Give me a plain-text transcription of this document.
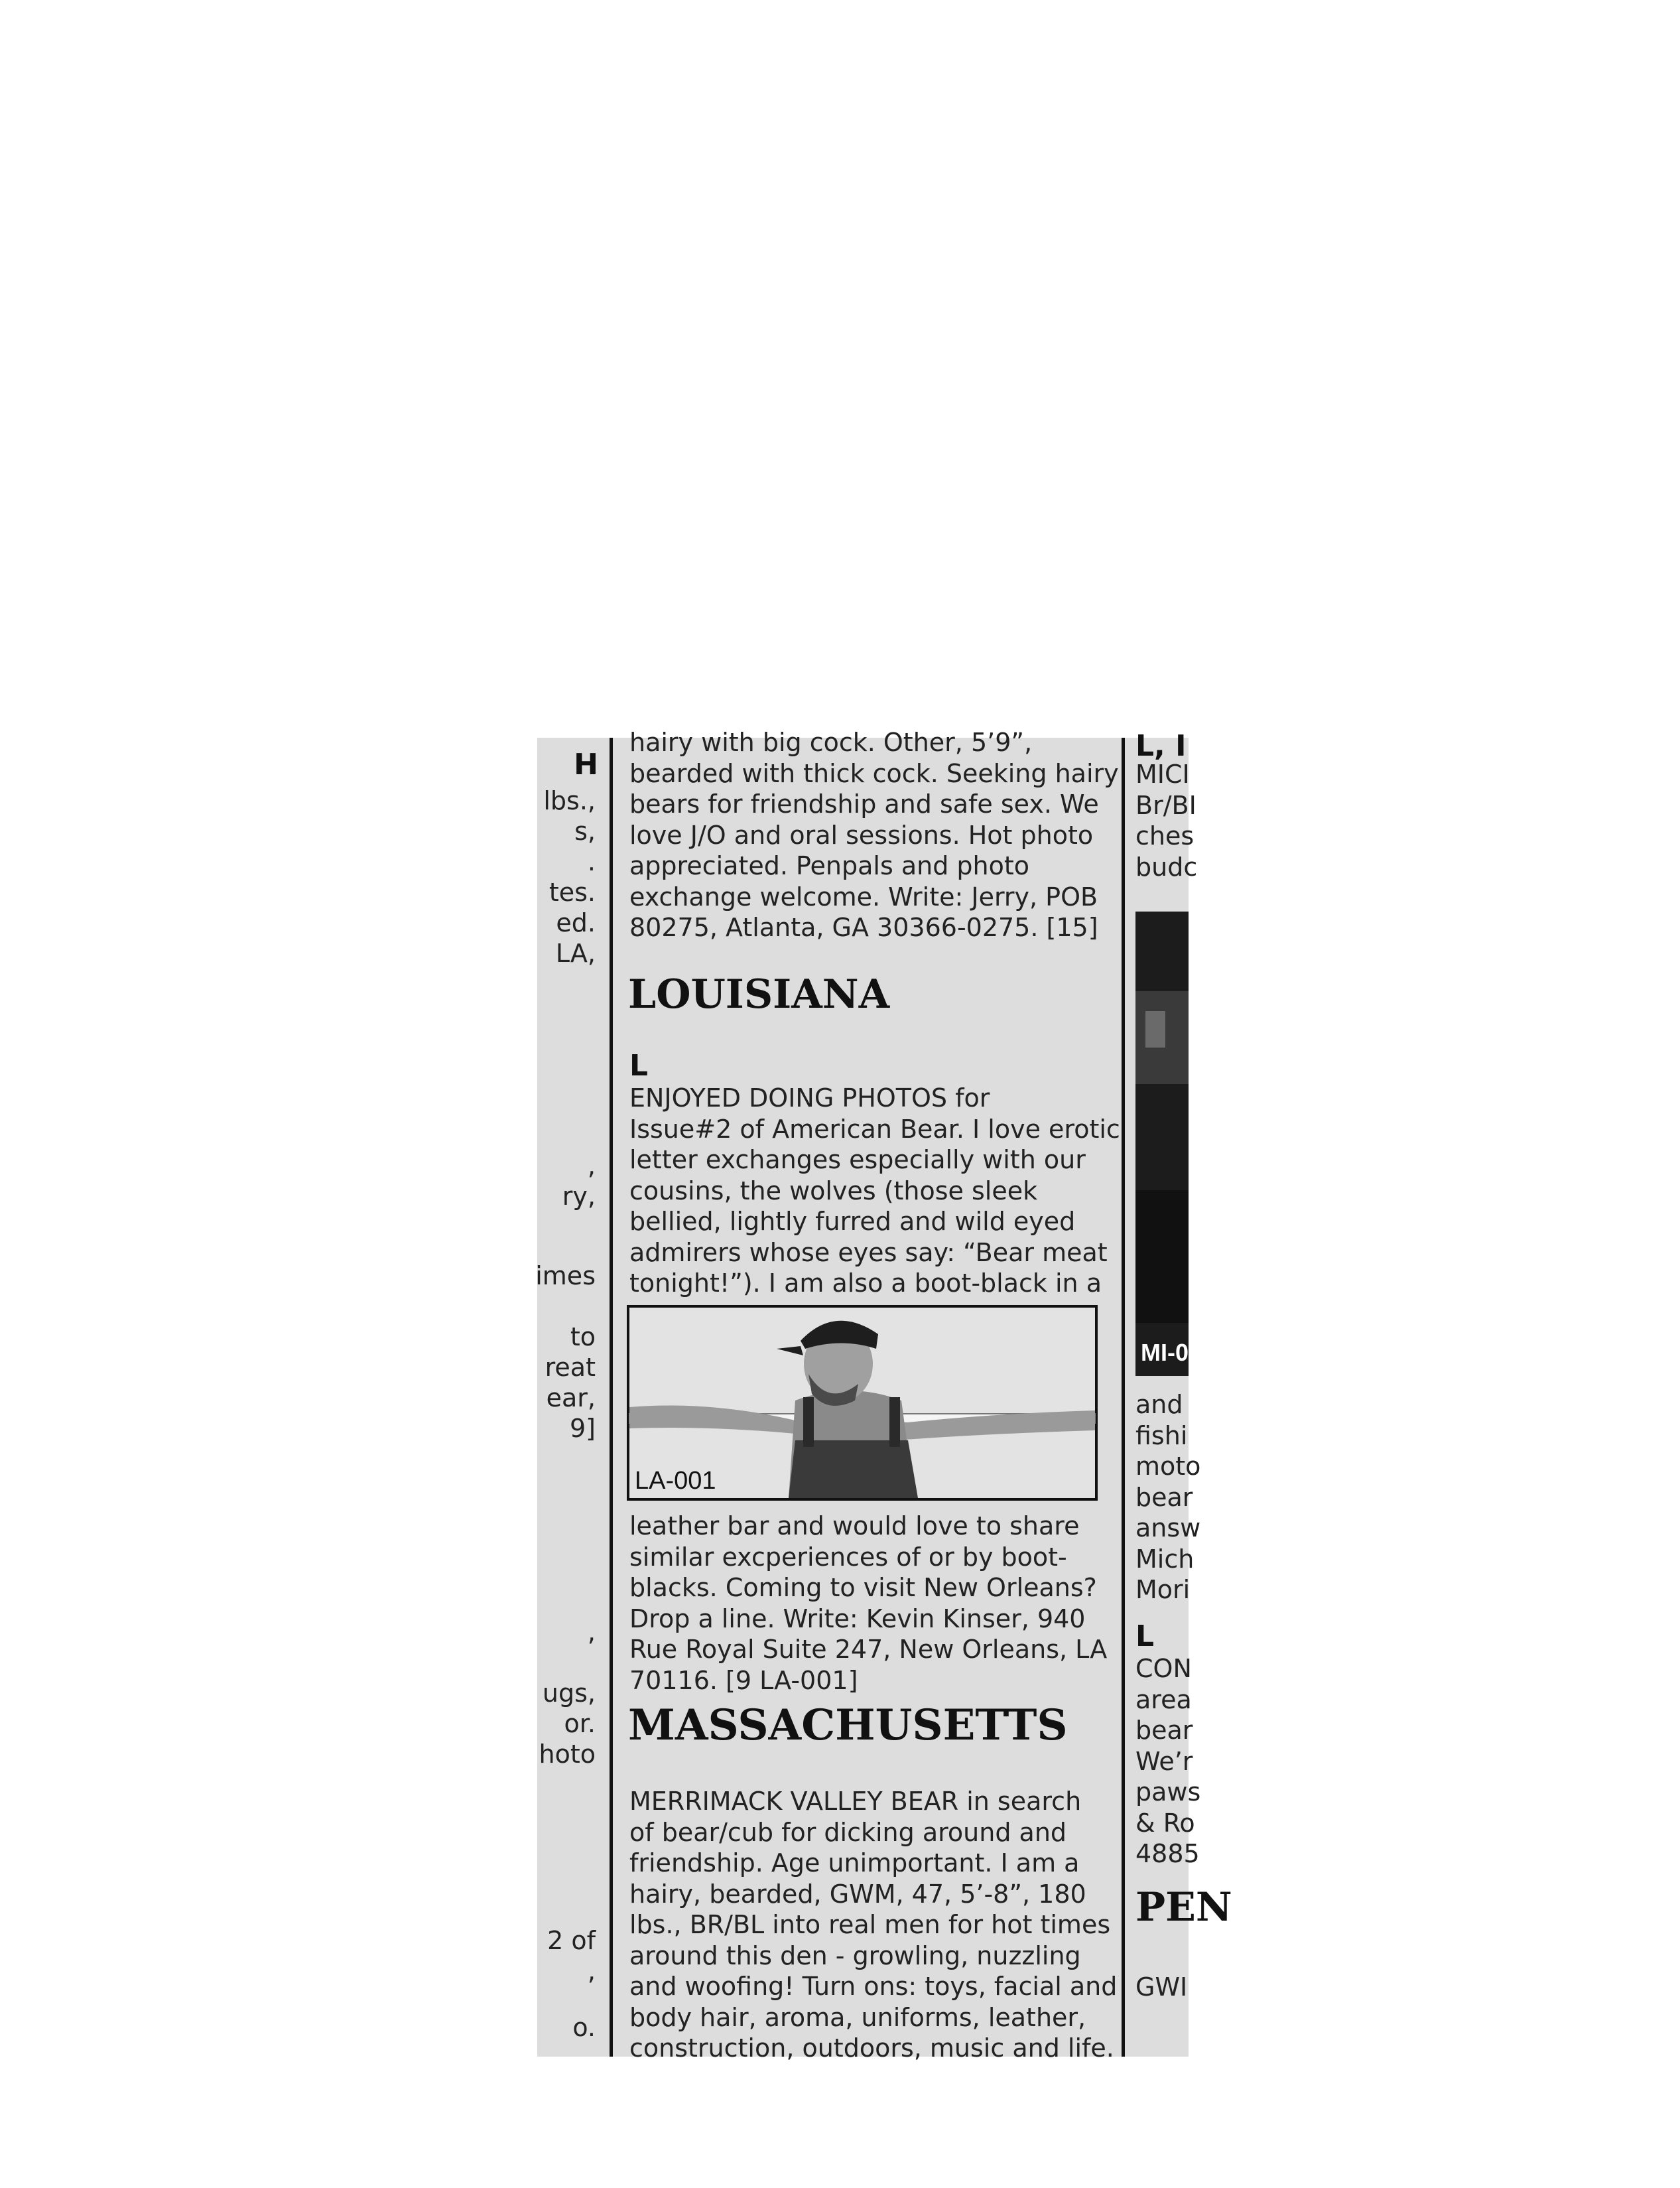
H
lbs.,
s,
.
tes.
ed.
LA,
,
ry,
imes
to
reat
ear,
9]
,
ugs,
or.
hoto
2 of
,
o.
hairy with big cock. Other, 5’9”,
bearded with thick cock. Seeking hairy
bears for friendship and safe sex. We
love J/O and oral sessions. Hot photo
appreciated. Penpals and photo
exchange welcome. Write: Jerry, POB
80275, Atlanta, GA 30366-0275. [15]
LOUISIANA
L
ENJOYED DOING PHOTOS for
Issue#2 of American Bear. I love erotic
letter exchanges especially with our
cousins, the wolves (those sleek
bellied, lightly furred and wild eyed
admirers whose eyes say: “Bear meat
tonight!”). I am also a boot-black in a
leather bar and would love to share
similar excperiences of or by boot-
blacks. Coming to visit New Orleans?
Drop a line. Write: Kevin Kinser, 940
Rue Royal Suite 247, New Orleans, LA
70116. [9 LA-001]
MASSACHUSETTS
MERRIMACK VALLEY BEAR in search
of bear/cub for dicking around and
friendship. Age unimportant. I am a
hairy, bearded, GWM, 47, 5’-8”, 180
lbs., BR/BL into real men for hot times
around this den - growling, nuzzling
and woofing! Turn ons: toys, facial and
body hair, aroma, uniforms, leather,
construction, outdoors, music and life.
LA-001
L, I
MICI
Br/BI
ches
budc
and
fishi
moto
bear
answ
Mich
Mori
L
CON
area
bear
We’r
paws
& Ro
4885
PEN
GWI
MI-0
